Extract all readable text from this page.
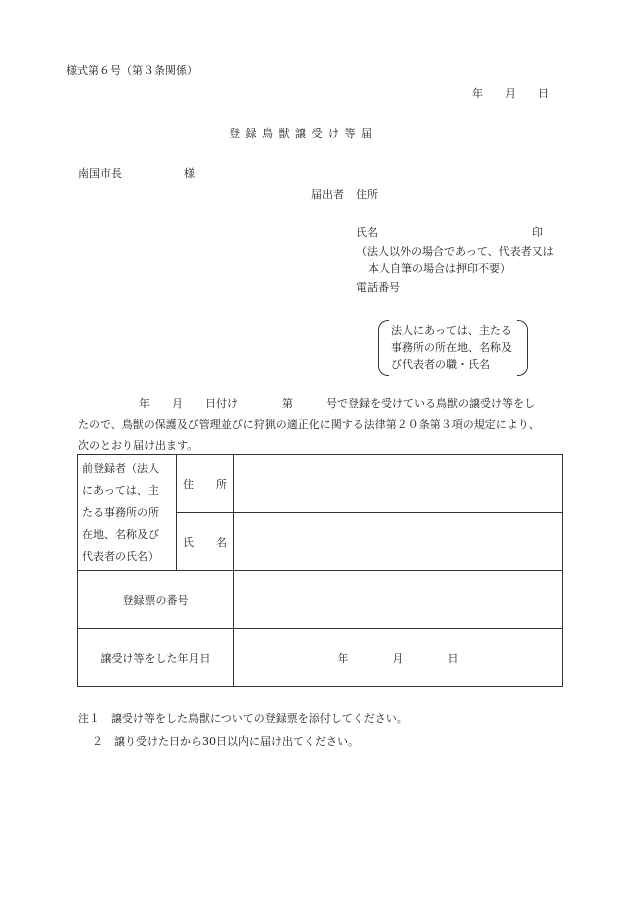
様式第６号（第３条関係）
年　　月　　日
登 録 鳥 獣 譲 受 け 等 届
南国市長	様
届出者 住所
氏名	印
（法人以外の場合であって、代表者又は
本人自筆の場合は押印不要）
電話番号
法人にあっては、主たる
事務所の所在地、名称及
び代表者の職・氏名
年　　月　　日付け　　　　第　　　号で登録を受けている鳥獣の譲受け等をし
たので、鳥獣の保護及び管理並びに狩猟の適正化に関する法律第２０条第３項の規定により、
次のとおり届け出ます。
前登録者（法人
にあっては、主
たる事務所の所
在地、名称及び
代表者の氏名）	住　　所	
	氏　　名	
登録票の番号		
譲受け等をした年月日		年　　　　月　　　　日
注１　譲受け等をした鳥獣についての登録票を添付してください。
２　譲り受けた日から30日以内に届け出てください。
